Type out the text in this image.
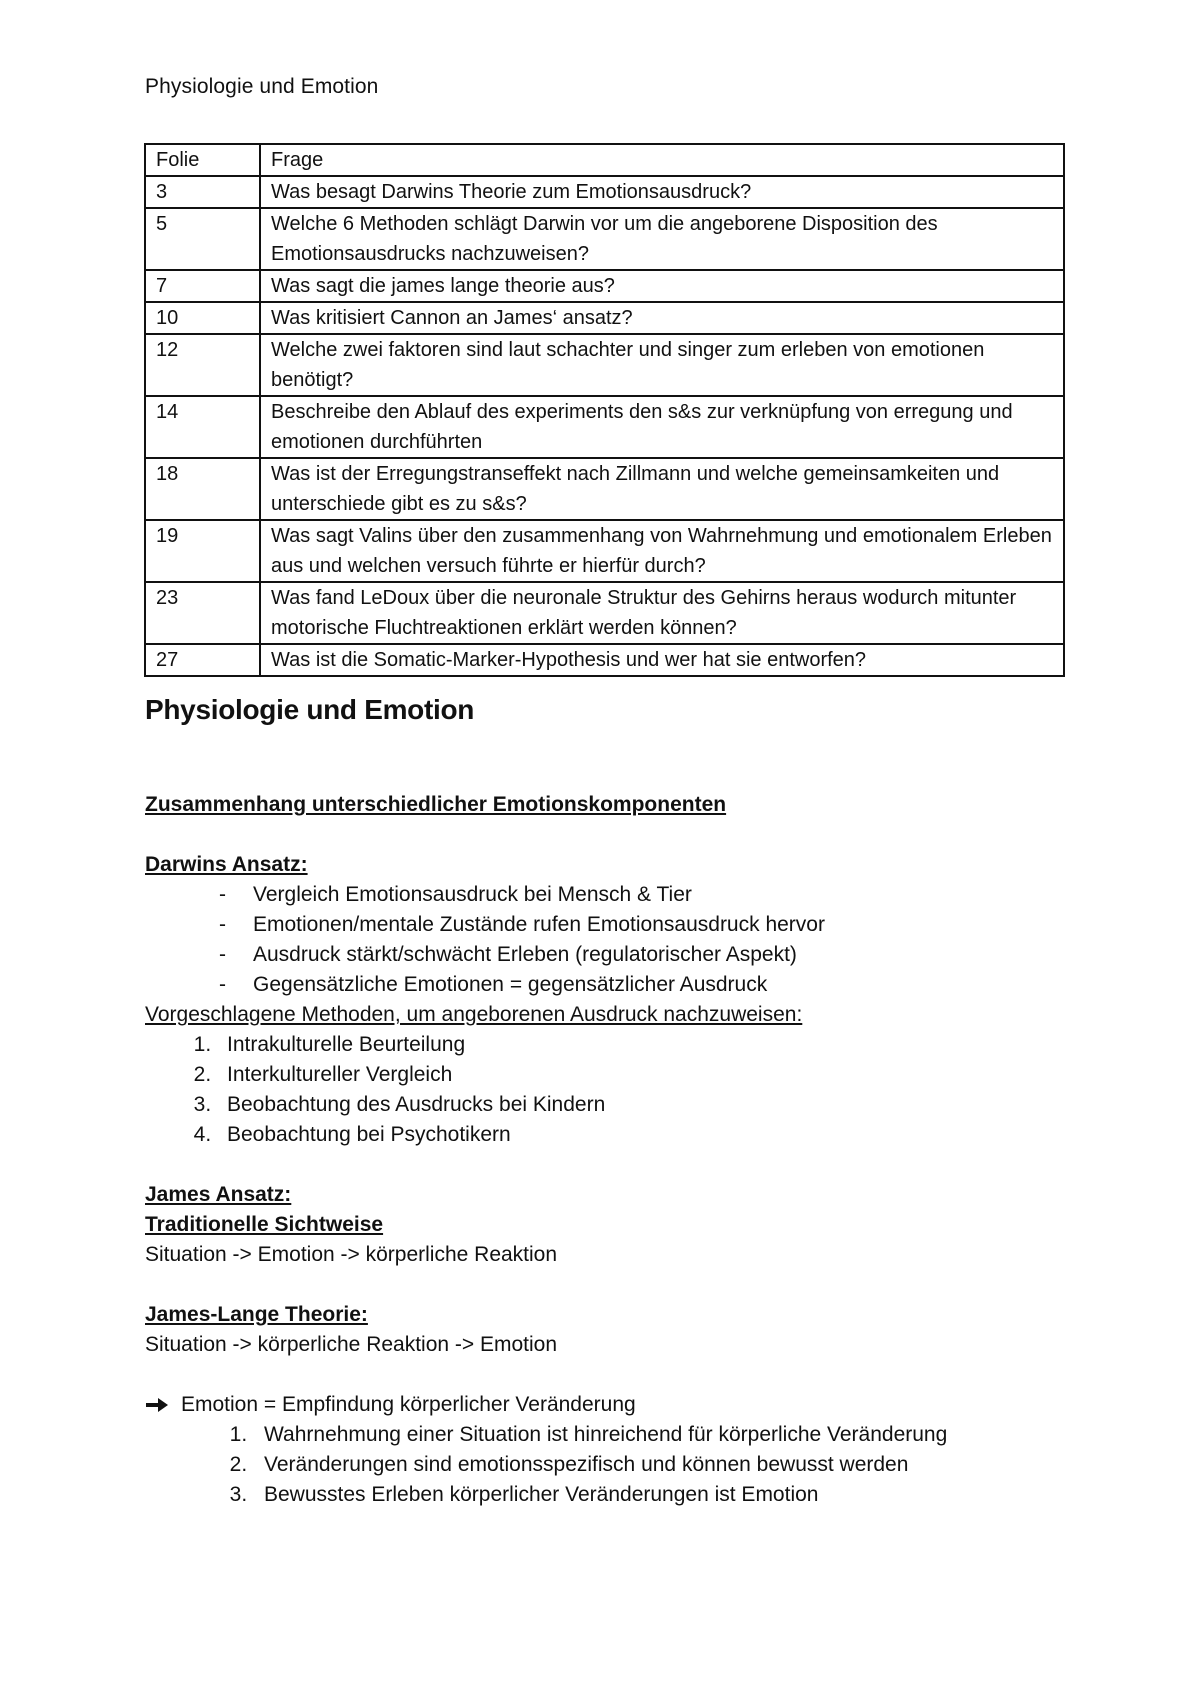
Physiologie und Emotion
Folie	Frage
3	Was besagt Darwins Theorie zum Emotionsausdruck?
5	Welche 6 Methoden schlägt Darwin vor um die angeborene Disposition des Emotionsausdrucks nachzuweisen?
7	Was sagt die james lange theorie aus?
10	Was kritisiert Cannon an James‘ ansatz?
12	Welche zwei faktoren sind laut schachter und singer zum erleben von emotionen benötigt?
14	Beschreibe den Ablauf des experiments den s&s zur verknüpfung von erregung und emotionen durchführten
18	Was ist der Erregungstranseffekt nach Zillmann und welche gemeinsamkeiten und unterschiede gibt es zu s&s?
19	Was sagt Valins über den zusammenhang von Wahrnehmung und emotionalem Erleben aus und welchen versuch führte er hierfür durch?
23	Was fand LeDoux über die neuronale Struktur des Gehirns heraus wodurch mitunter motorische Fluchtreaktionen erklärt werden können?
27	Was ist die Somatic-Marker-Hypothesis und wer hat sie entworfen?
Physiologie und Emotion
Zusammenhang unterschiedlicher Emotionskomponenten
Darwins Ansatz:
- Vergleich Emotionsausdruck bei Mensch & Tier
- Emotionen/mentale Zustände rufen Emotionsausdruck hervor
- Ausdruck stärkt/schwächt Erleben (regulatorischer Aspekt)
- Gegensätzliche Emotionen = gegensätzlicher Ausdruck
Vorgeschlagene Methoden, um angeborenen Ausdruck nachzuweisen:
1. Intrakulturelle Beurteilung
2. Interkultureller Vergleich
3. Beobachtung des Ausdrucks bei Kindern
4. Beobachtung bei Psychotikern
James Ansatz:
Traditionelle Sichtweise
Situation -> Emotion -> körperliche Reaktion
James-Lange Theorie:
Situation -> körperliche Reaktion -> Emotion
Emotion = Empfindung körperlicher Veränderung
1. Wahrnehmung einer Situation ist hinreichend für körperliche Veränderung
2. Veränderungen sind emotionsspezifisch und können bewusst werden
3. Bewusstes Erleben körperlicher Veränderungen ist Emotion
